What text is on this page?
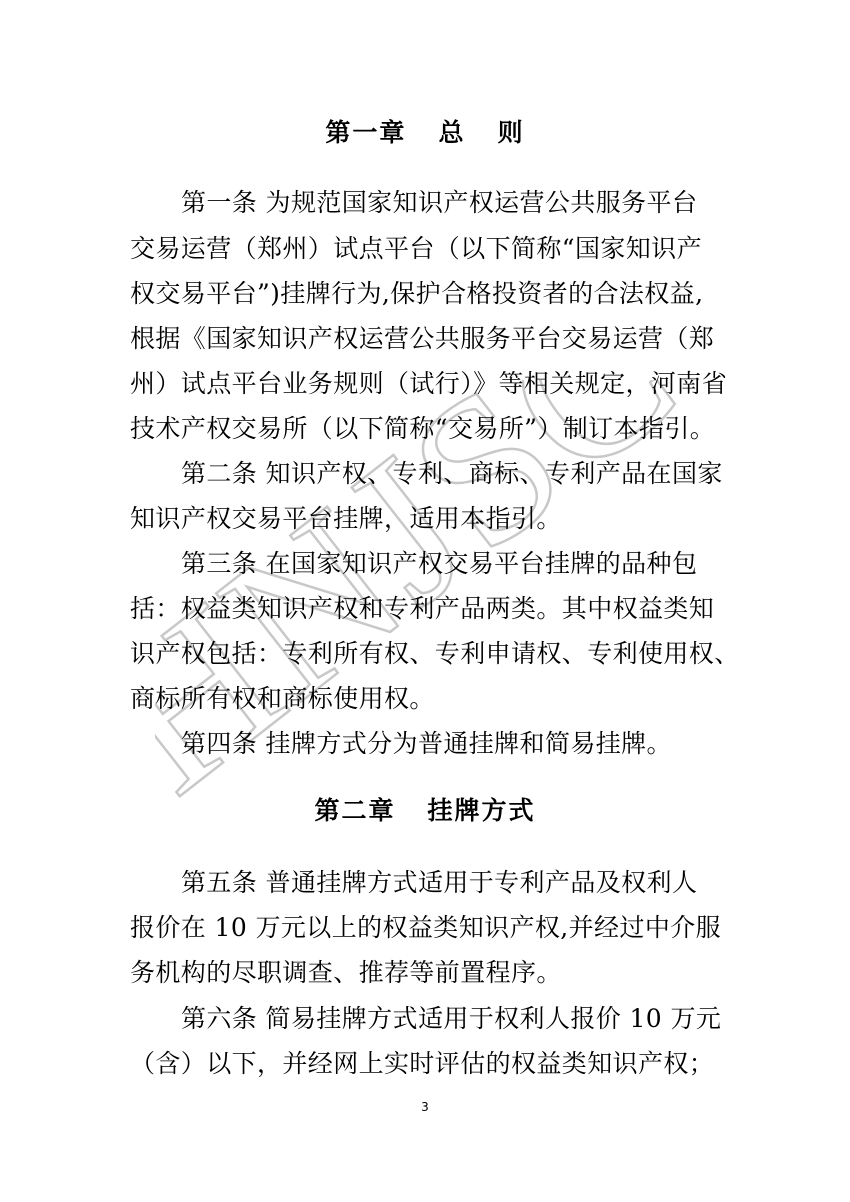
HNJSCQ
第一章   总   则
第一条 为规范国家知识产权运营公共服务平台
交易运营（郑州）试点平台（以下简称“国家知识产
权交易平台”)挂牌行为,保护合格投资者的合法权益,
根据《国家知识产权运营公共服务平台交易运营（郑
州）试点平台业务规则（试行）》等相关规定，河南省
技术产权交易所（以下简称“交易所”）制订本指引。
第二条 知识产权、专利、商标、专利产品在国家
知识产权交易平台挂牌，适用本指引。
第三条 在国家知识产权交易平台挂牌的品种包
括：权益类知识产权和专利产品两类。其中权益类知
识产权包括：专利所有权、专利申请权、专利使用权、
商标所有权和商标使用权。
第四条 挂牌方式分为普通挂牌和简易挂牌。
第二章   挂牌方式
第五条 普通挂牌方式适用于专利产品及权利人
报价在 10 万元以上的权益类知识产权,并经过中介服
务机构的尽职调查、推荐等前置程序。
第六条 简易挂牌方式适用于权利人报价 10 万元
（含）以下，并经网上实时评估的权益类知识产权；
3
